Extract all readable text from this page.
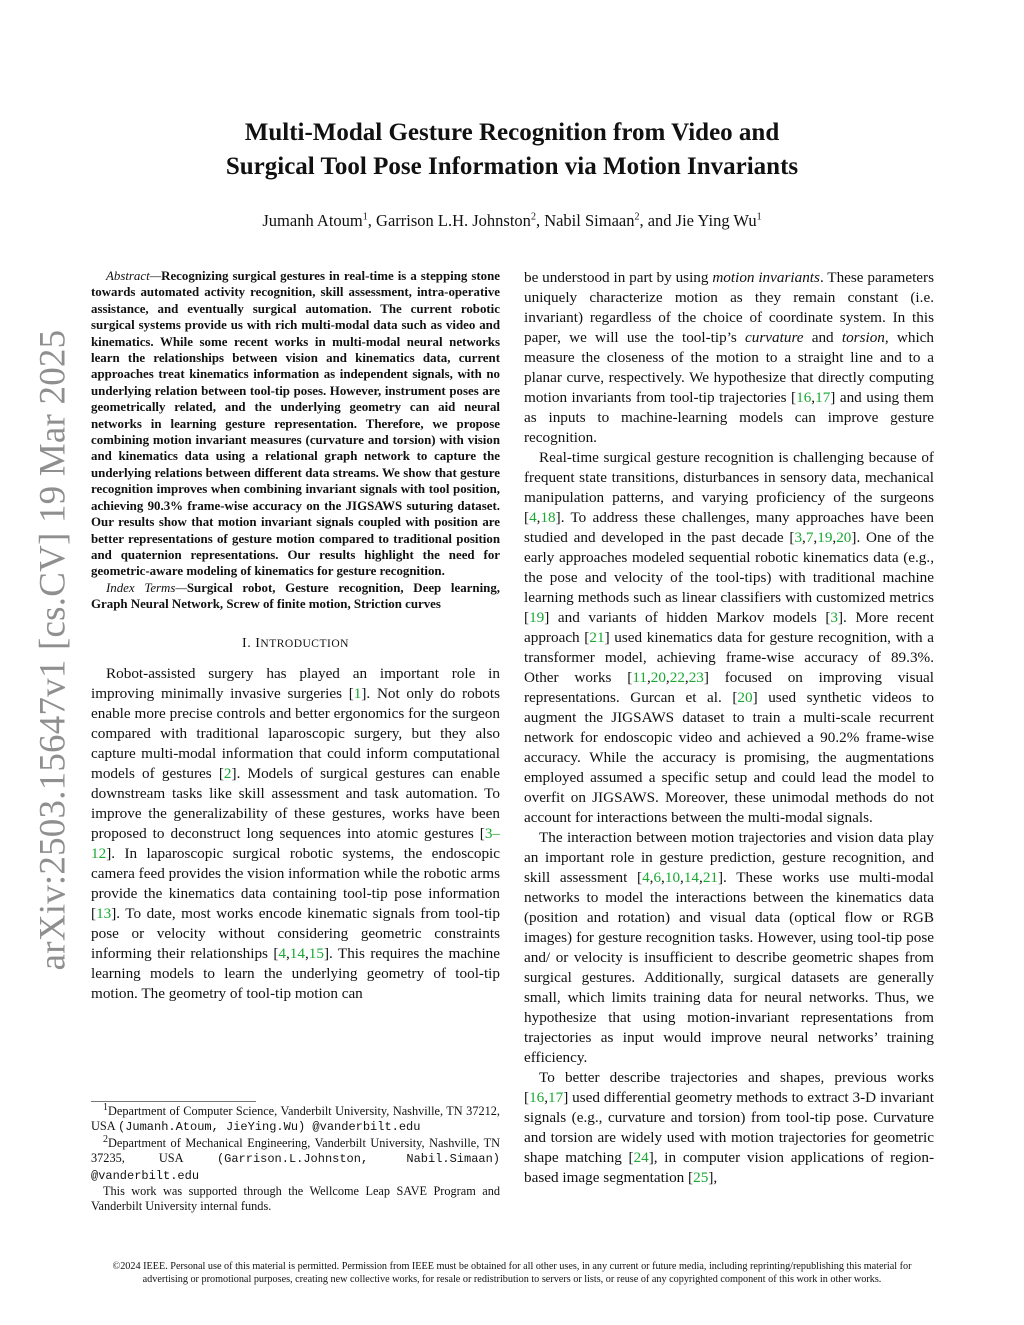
arXiv:2503.15647v1 [cs.CV] 19 Mar 2025
Multi-Modal Gesture Recognition from Video and
Surgical Tool Pose Information via Motion Invariants
Jumanh Atoum$^1$, Garrison L.H. Johnston$^2$, Nabil Simaan$^2$, and Jie Ying Wu$^1$

Abstract—Recognizing surgical gestures in real-time is a stepping stone towards automated activity recognition, skill assessment, intra-operative assistance, and eventually surgical automation. The current robotic surgical systems provide us with rich multi-modal data such as video and kinematics. While some recent works in multi-modal neural networks learn the relationships between vision and kinematics data, current approaches treat kinematics information as independent signals, with no underlying relation between tool-tip poses. However, instrument poses are geometrically related, and the underlying geometry can aid neural networks in learning gesture representation. Therefore, we propose combining motion invariant measures (curvature and torsion) with vision and kinematics data using a relational graph network to capture the underlying relations between different data streams. We show that gesture recognition improves when combining invariant signals with tool position, achieving 90.3% frame-wise accuracy on the JIGSAWS suturing dataset. Our results show that motion invariant signals coupled with position are better representations of gesture motion compared to traditional position and quaternion representations. Our results highlight the need for geometric-aware modeling of kinematics for gesture recognition.

Index Terms—Surgical robot, Gesture recognition, Deep learning, Graph Neural Network, Screw of finite motion, Striction curves

I. INTRODUCTION

Robot-assisted surgery has played an important role in improving minimally invasive surgeries [1]. Not only do robots enable more precise controls and better ergonomics for the surgeon compared with traditional laparoscopic surgery, but they also capture multi-modal information that could inform computational models of gestures [2]. Models of surgical gestures can enable downstream tasks like skill assessment and task automation. To improve the generalizability of these gestures, works have been proposed to deconstruct long sequences into atomic gestures [3–12]. In laparoscopic surgical robotic systems, the endoscopic camera feed provides the vision information while the robotic arms provide the kinematics data containing tool-tip pose information [13]. To date, most works encode kinematic signals from tool-tip pose or velocity without considering geometric constraints informing their relationships [4,14,15]. This requires the machine learning models to learn the underlying geometry of tool-tip motion. The geometry of tool-tip motion can

be understood in part by using motion invariants. These parameters uniquely characterize motion as they remain constant (i.e. invariant) regardless of the choice of coordinate system. In this paper, we will use the tool-tip’s curvature and torsion, which measure the closeness of the motion to a straight line and to a planar curve, respectively. We hypothesize that directly computing motion invariants from tool-tip trajectories [16,17] and using them as inputs to machine-learning models can improve gesture recognition.

Real-time surgical gesture recognition is challenging because of frequent state transitions, disturbances in sensory data, mechanical manipulation patterns, and varying proficiency of the surgeons [4,18]. To address these challenges, many approaches have been studied and developed in the past decade [3,7,19,20]. One of the early approaches modeled sequential robotic kinematics data (e.g., the pose and velocity of the tool-tips) with traditional machine learning methods such as linear classifiers with customized metrics [19] and variants of hidden Markov models [3]. More recent approach [21] used kinematics data for gesture recognition, with a transformer model, achieving frame-wise accuracy of 89.3%. Other works [11,20,22,23] focused on improving visual representations. Gurcan et al. [20] used synthetic videos to augment the JIGSAWS dataset to train a multi-scale recurrent network for endoscopic video and achieved a 90.2% frame-wise accuracy. While the accuracy is promising, the augmentations employed assumed a specific setup and could lead the model to overfit on JIGSAWS. Moreover, these unimodal methods do not account for interactions between the multi-modal signals.

The interaction between motion trajectories and vision data play an important role in gesture prediction, gesture recognition, and skill assessment [4,6,10,14,21]. These works use multi-modal networks to model the interactions between the kinematics data (position and rotation) and visual data (optical flow or RGB images) for gesture recognition tasks. However, using tool-tip pose and/ or velocity is insufficient to describe geometric shapes from surgical gestures. Additionally, surgical datasets are generally small, which limits training data for neural networks. Thus, we hypothesize that using motion-invariant representations from trajectories as input would improve neural networks’ training efficiency.

To better describe trajectories and shapes, previous works [16,17] used differential geometry methods to extract 3-D invariant signals (e.g., curvature and torsion) from tool-tip pose. Curvature and torsion are widely used with motion trajectories for geometric shape matching [24], in computer vision applications of region-based image segmentation [25],

$^1$Department of Computer Science, Vanderbilt University, Nashville, TN 37212, USA (Jumanh.Atoum, JieYing.Wu) @vanderbilt.edu

$^2$Department of Mechanical Engineering, Vanderbilt University, Nashville, TN 37235, USA (Garrison.L.Johnston, Nabil.Simaan) @vanderbilt.edu

This work was supported through the Wellcome Leap SAVE Program and Vanderbilt University internal funds.

©2024 IEEE. Personal use of this material is permitted. Permission from IEEE must be obtained for all other uses, in any current or future media, including reprinting/republishing this material for advertising or promotional purposes, creating new collective works, for resale or redistribution to servers or lists, or reuse of any copyrighted component of this work in other works.
